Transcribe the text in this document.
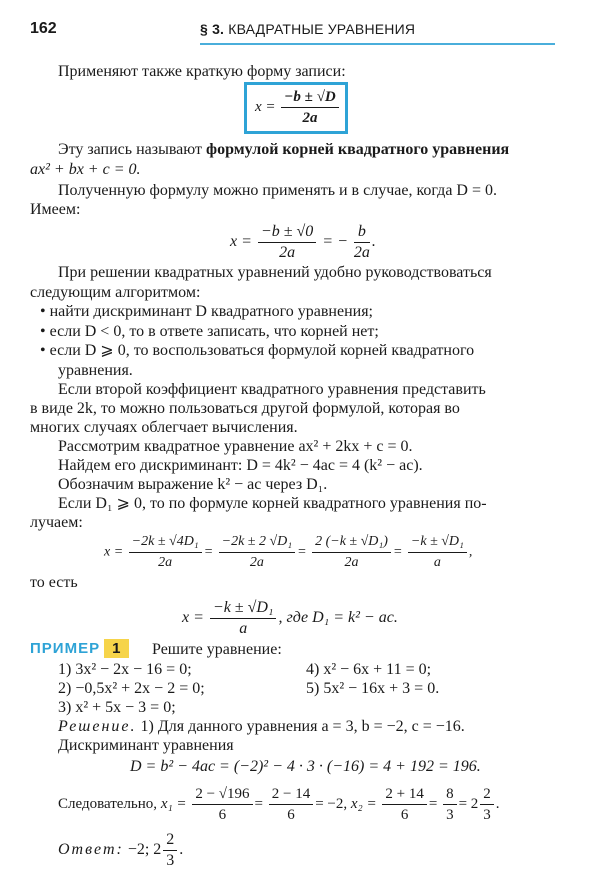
162	§ 3. КВАДРАТНЫЕ УРАВНЕНИЯ
Применяют также краткую форму записи:
$x = \frac{-b \pm √D}{2a}$
Эту запись называют формулой корней квадратного уравнения
ax² + bx + c = 0.
Полученную формулу можно применять и в случае, когда D = 0.
Имеем:
$x = \frac{-b \pm √0}{2a}$ = − $\frac{b}{2a}$ .
При решении квадратных уравнений удобно руководствоваться
следующим алгоритмом:
• найти дискриминант D квадратного уравнения;
• если D < 0, то в ответе записать, что корней нет;
• если D ⩾ 0, то воспользоваться формулой корней квадратного
уравнения.
Если второй коэффициент квадратного уравнения представить
в виде 2k, то можно пользоваться другой формулой, которая во
многих случаях облегчает вычисления.
Рассмотрим квадратное уравнение ax² + 2kx + c = 0.
Найдем его дискриминант: D = 4k² − 4ac = 4 (k² − ac).
Обозначим выражение k² − ac через D₁.
Если D₁ ⩾ 0, то по формуле корней квадратного уравнения по-
лучаем:
$x = \frac{\text{−2k ± √4D₁}}{2a} = \frac{\text{−2k ± 2 √D₁}}{2a} = \frac{\text{2 (−k ± √D₁)}}{2a} = \frac{\text{−k ± √D₁}}{a}$ ,
то есть
$x = \frac{\text{−k ± √D₁}}{a}$ , где D₁ = k² − ac.
ПРИМЕР 1	Решите уравнение:
1) 3x² − 2x − 16 = 0;
2) −0,5x² + 2x − 2 = 0;
3) x² + 5x − 3 = 0;
4) x² − 6x + 11 = 0;
5) 5x² − 16x + 3 = 0.
Решение. 1) Для данного уравнения a = 3, b = −2, c = −16.
Дискриминант уравнения
D = b² − 4ac = (−2)² − 4 · 3 · (−16) = 4 + 192 = 196.
Следовательно, $x_1 = \frac{2 - √196}{6} = \frac{2 - 14}{6} = -2$, $x_2 = \frac{2 + 14}{6} = \frac{8}{3} = 2 \frac{2}{3}$ .
Ответ: −2; $2 \frac{2}{3}$ .
